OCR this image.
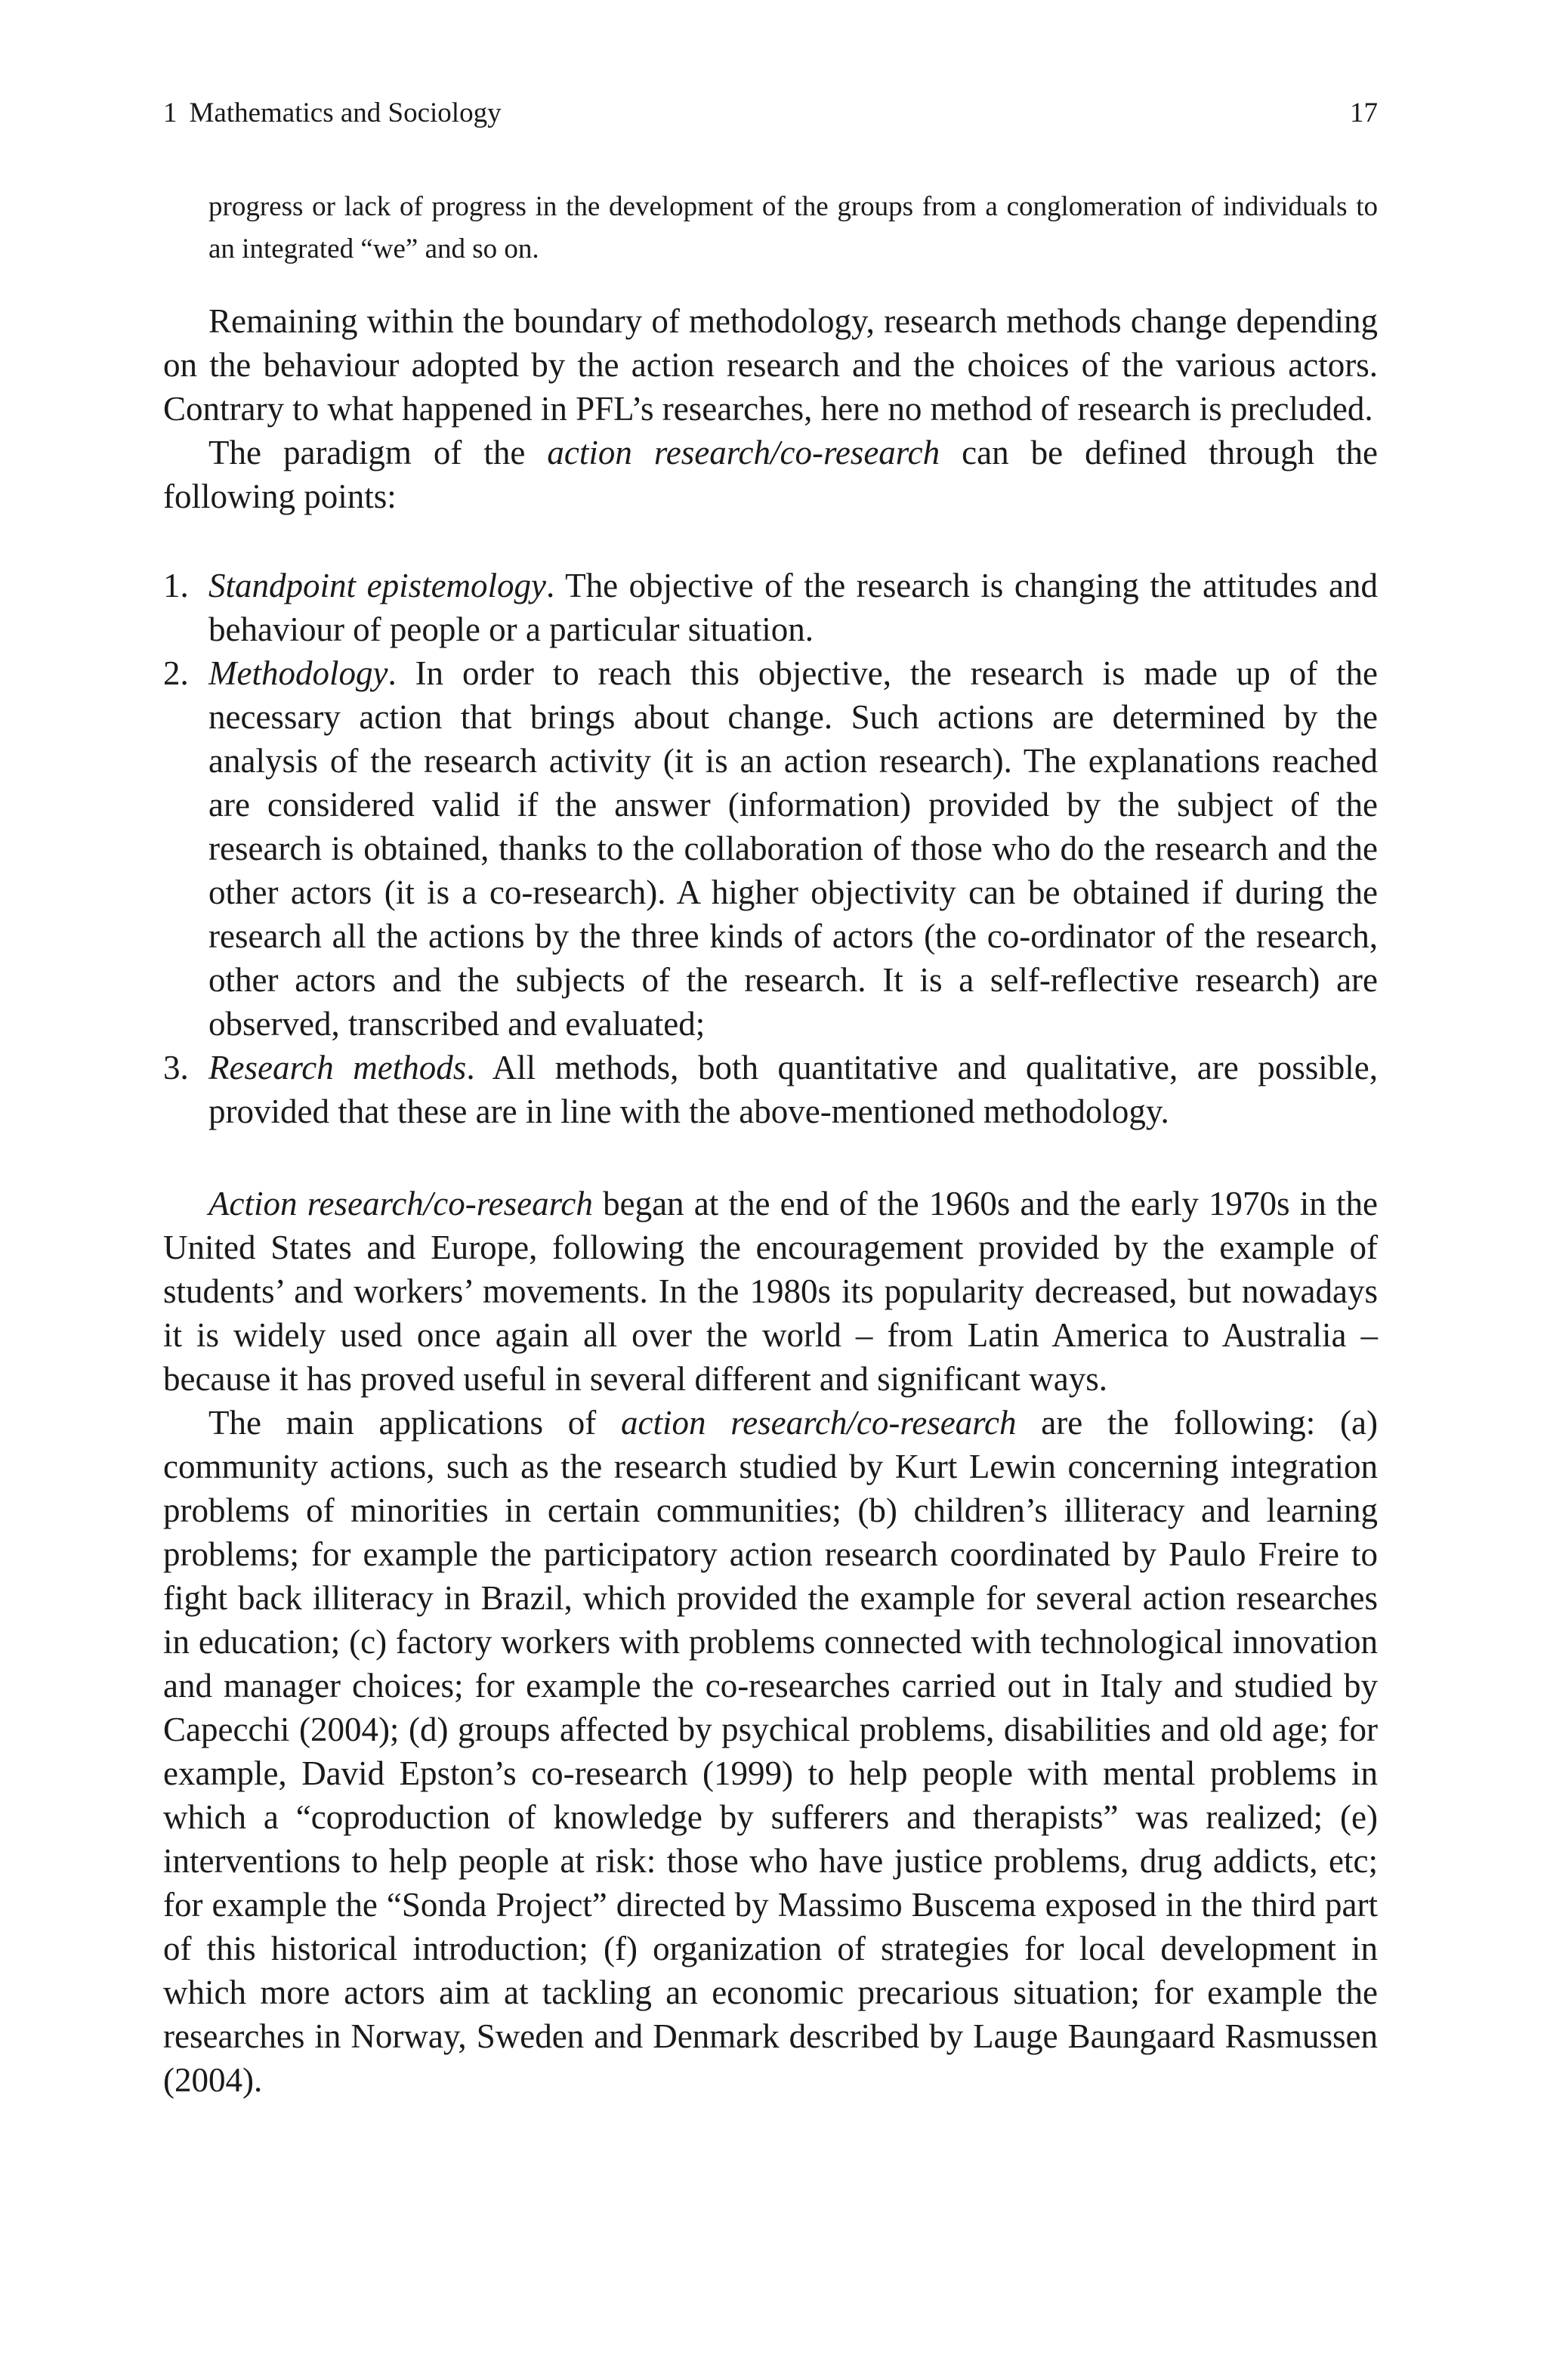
1 Mathematics and Sociology	17
progress or lack of progress in the development of the groups from a conglomeration of individuals to an integrated “we” and so on.

Remaining within the boundary of methodology, research methods change depending on the behaviour adopted by the action research and the choices of the various actors. Contrary to what happened in PFL’s researches, here no method of research is precluded.

The paradigm of the action research/co-research can be defined through the following points:

1. Standpoint epistemology. The objective of the research is changing the attitudes and behaviour of people or a particular situation.
2. Methodology. In order to reach this objective, the research is made up of the necessary action that brings about change. Such actions are determined by the analysis of the research activity (it is an action research). The explanations reached are considered valid if the answer (information) provided by the subject of the research is obtained, thanks to the collaboration of those who do the research and the other actors (it is a co-research). A higher objectivity can be obtained if during the research all the actions by the three kinds of actors (the co-ordinator of the research, other actors and the subjects of the research. It is a self-reflective research) are observed, transcribed and evaluated;
3. Research methods. All methods, both quantitative and qualitative, are possible, provided that these are in line with the above-mentioned methodology.

Action research/co-research began at the end of the 1960s and the early 1970s in the United States and Europe, following the encouragement provided by the example of students’ and workers’ movements. In the 1980s its popularity decreased, but nowadays it is widely used once again all over the world – from Latin America to Australia – because it has proved useful in several different and significant ways.

The main applications of action research/co-research are the following: (a) community actions, such as the research studied by Kurt Lewin concerning integration problems of minorities in certain communities; (b) children’s illiteracy and learning problems; for example the participatory action research coordinated by Paulo Freire to fight back illiteracy in Brazil, which provided the example for several action researches in education; (c) factory workers with problems connected with technological innovation and manager choices; for example the co-researches carried out in Italy and studied by Capecchi (2004); (d) groups affected by psychical problems, disabilities and old age; for example, David Epston’s co-research (1999) to help people with mental problems in which a “coproduction of knowledge by sufferers and therapists” was realized; (e) interventions to help people at risk: those who have justice problems, drug addicts, etc; for example the “Sonda Project” directed by Massimo Buscema exposed in the third part of this historical introduction; (f) organization of strategies for local development in which more actors aim at tackling an economic precarious situation; for example the researches in Norway, Sweden and Denmark described by Lauge Baungaard Rasmussen (2004).
